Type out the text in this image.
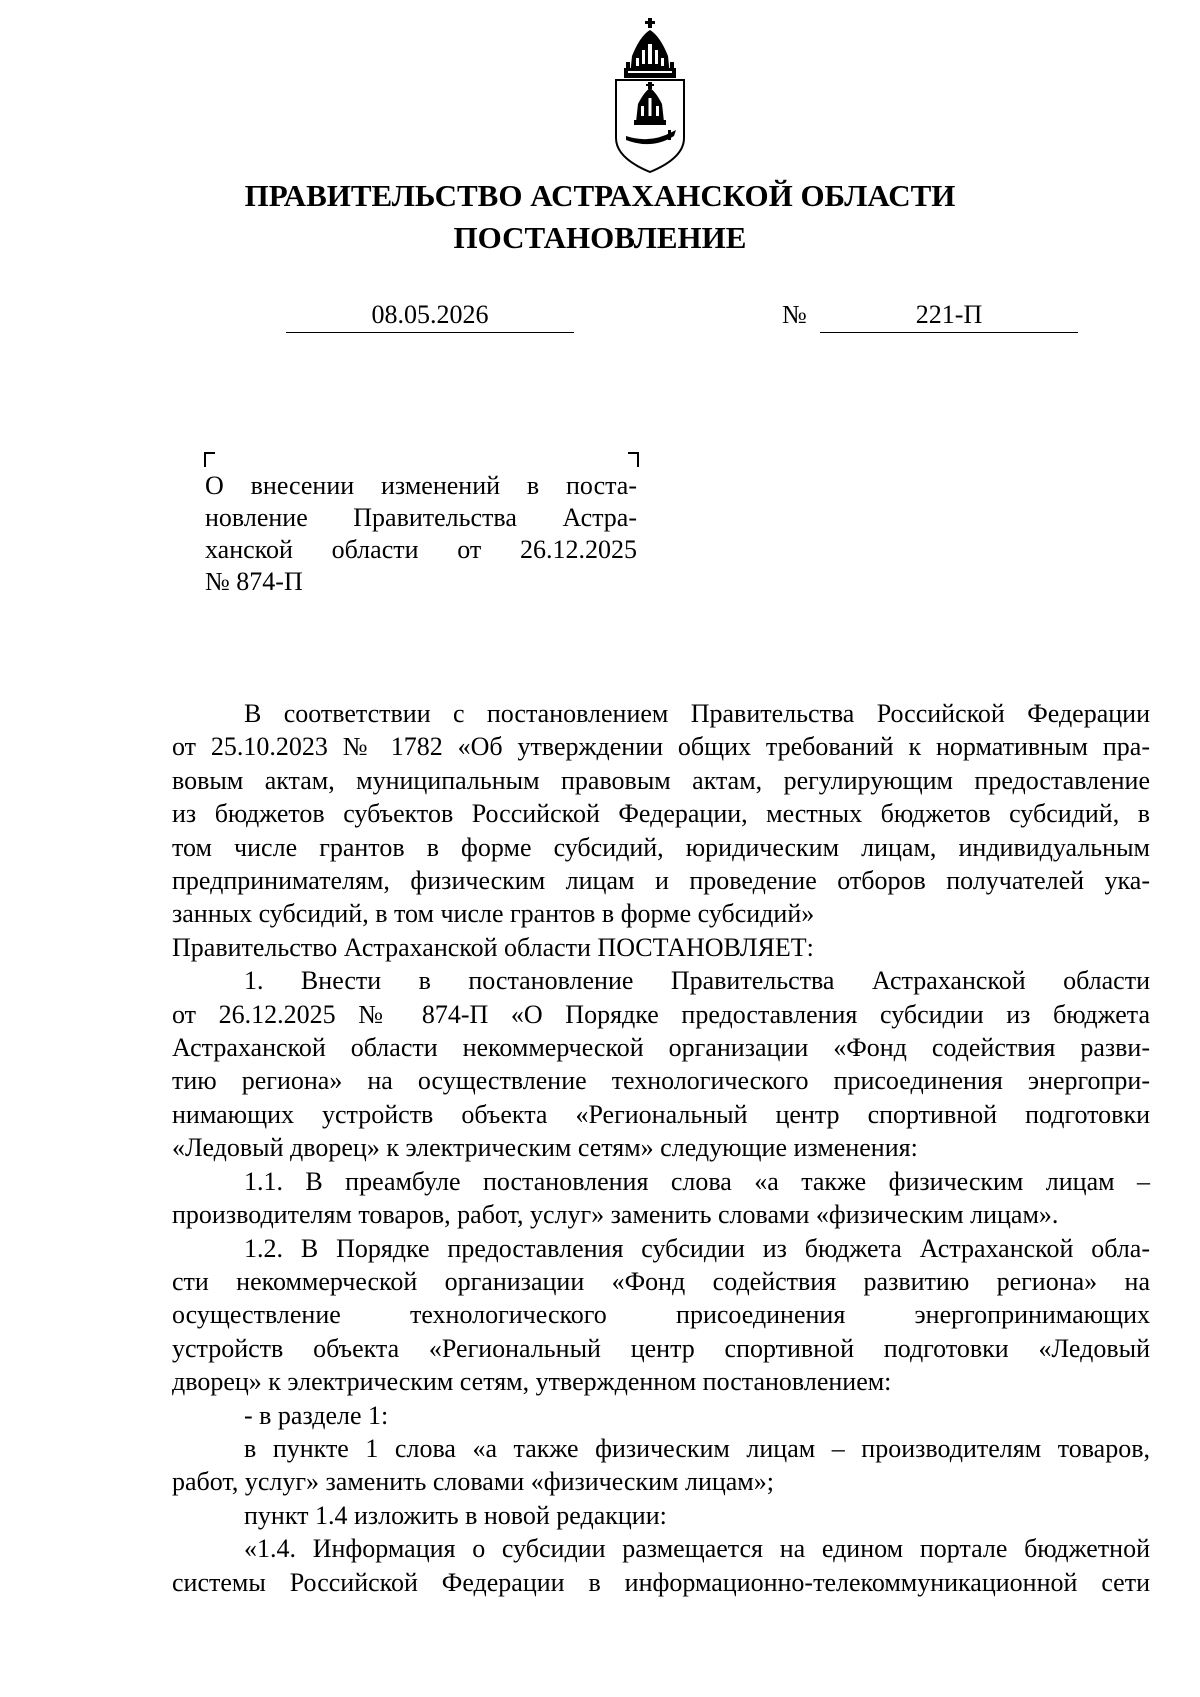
ПРАВИТЕЛЬСТВО АСТРАХАНСКОЙ ОБЛАСТИ
ПОСТАНОВЛЕНИЕ
08.05.2026	№	221-П
О внесении изменений в поста-
новление Правительства Астра-
ханской области от 26.12.2025
№ 874-П
В соответствии с постановлением Правительства Российской Федерации
от 25.10.2023 № 1782 «Об утверждении общих требований к нормативным пра-
вовым актам, муниципальным правовым актам, регулирующим предоставление
из бюджетов субъектов Российской Федерации, местных бюджетов субсидий, в
том числе грантов в форме субсидий, юридическим лицам, индивидуальным
предпринимателям, физическим лицам и проведение отборов получателей ука-
занных субсидий, в том числе грантов в форме субсидий»
Правительство Астраханской области ПОСТАНОВЛЯЕТ:
1. Внести в постановление Правительства Астраханской области
от 26.12.2025 № 874-П «О Порядке предоставления субсидии из бюджета
Астраханской области некоммерческой организации «Фонд содействия разви-
тию региона» на осуществление технологического присоединения энергопри-
нимающих устройств объекта «Региональный центр спортивной подготовки
«Ледовый дворец» к электрическим сетям» следующие изменения:
1.1. В преамбуле постановления слова «а также физическим лицам –
производителям товаров, работ, услуг» заменить словами «физическим лицам».
1.2. В Порядке предоставления субсидии из бюджета Астраханской обла-
сти некоммерческой организации «Фонд содействия развитию региона» на
осуществление технологического присоединения энергопринимающих
устройств объекта «Региональный центр спортивной подготовки «Ледовый
дворец» к электрическим сетям, утвержденном постановлением:
- в разделе 1:
в пункте 1 слова «а также физическим лицам – производителям товаров,
работ, услуг» заменить словами «физическим лицам»;
пункт 1.4 изложить в новой редакции:
«1.4. Информация о субсидии размещается на едином портале бюджетной
системы Российской Федерации в информационно-телекоммуникационной сети
